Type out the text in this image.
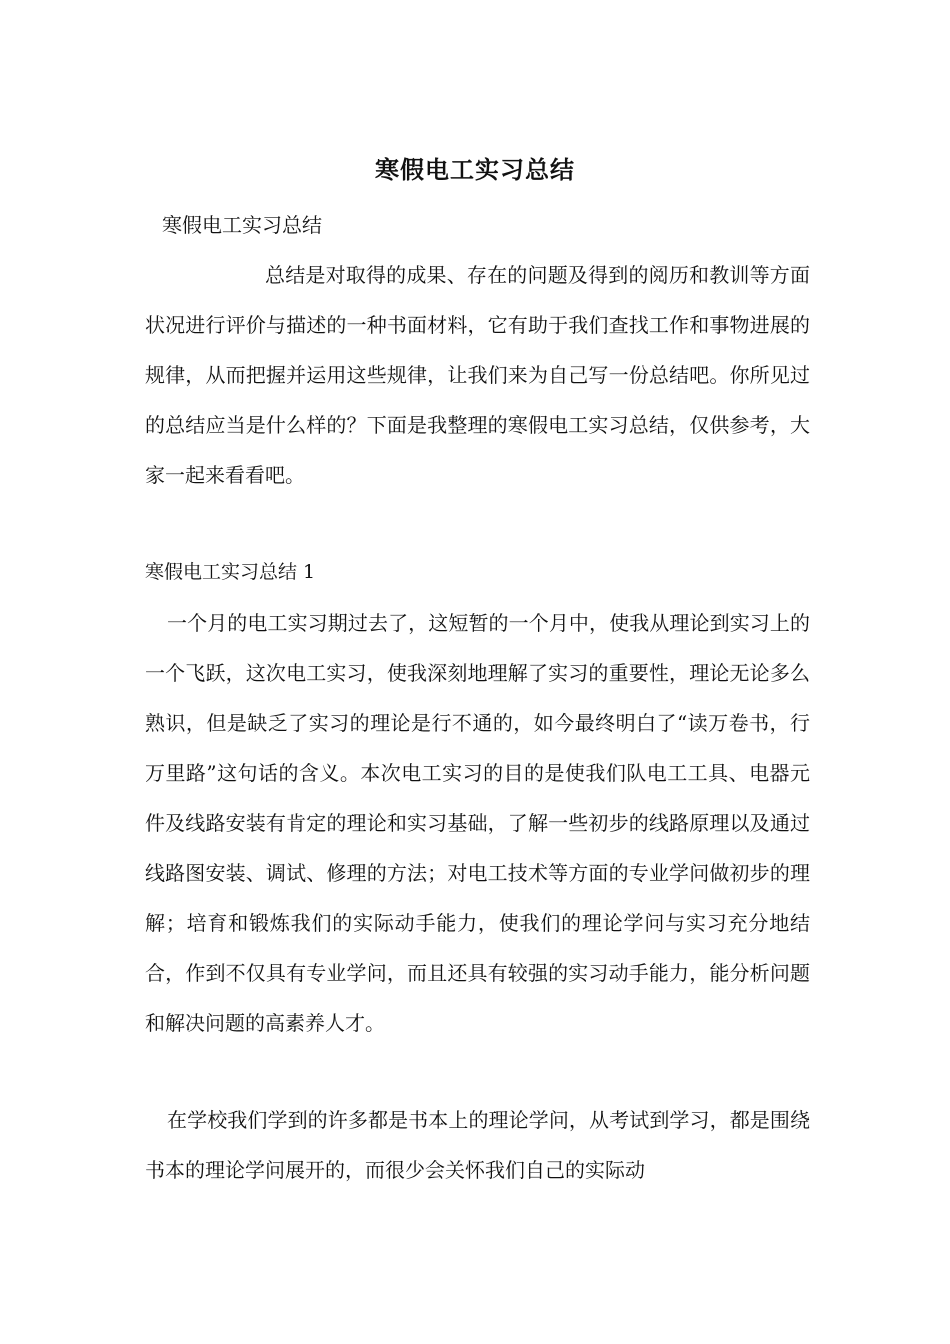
寒假电工实习总结
寒假电工实习总结

总结是对取得的成果、存在的问题及得到的阅历和教训等方面状况进行评价与描述的一种书面材料，它有助于我们查找工作和事物进展的规律，从而把握并运用这些规律，让我们来为自己写一份总结吧。你所见过的总结应当是什么样的？下面是我整理的寒假电工实习总结，仅供参考，大家一起来看看吧。

寒假电工实习总结 1

一个月的电工实习期过去了，这短暂的一个月中，使我从理论到实习上的一个飞跃，这次电工实习，使我深刻地理解了实习的重要性，理论无论多么熟识，但是缺乏了实习的理论是行不通的，如今最终明白了“读万卷书，行万里路”这句话的含义。本次电工实习的目的是使我们队电工工具、电器元件及线路安装有肯定的理论和实习基础，了解一些初步的线路原理以及通过线路图安装、调试、修理的方法；对电工技术等方面的专业学问做初步的理解；培育和锻炼我们的实际动手能力，使我们的理论学问与实习充分地结合，作到不仅具有专业学问，而且还具有较强的实习动手能力，能分析问题和解决问题的高素养人才。

在学校我们学到的许多都是书本上的理论学问，从考试到学习，都是围绕书本的理论学问展开的，而很少会关怀我们自己的实际动
